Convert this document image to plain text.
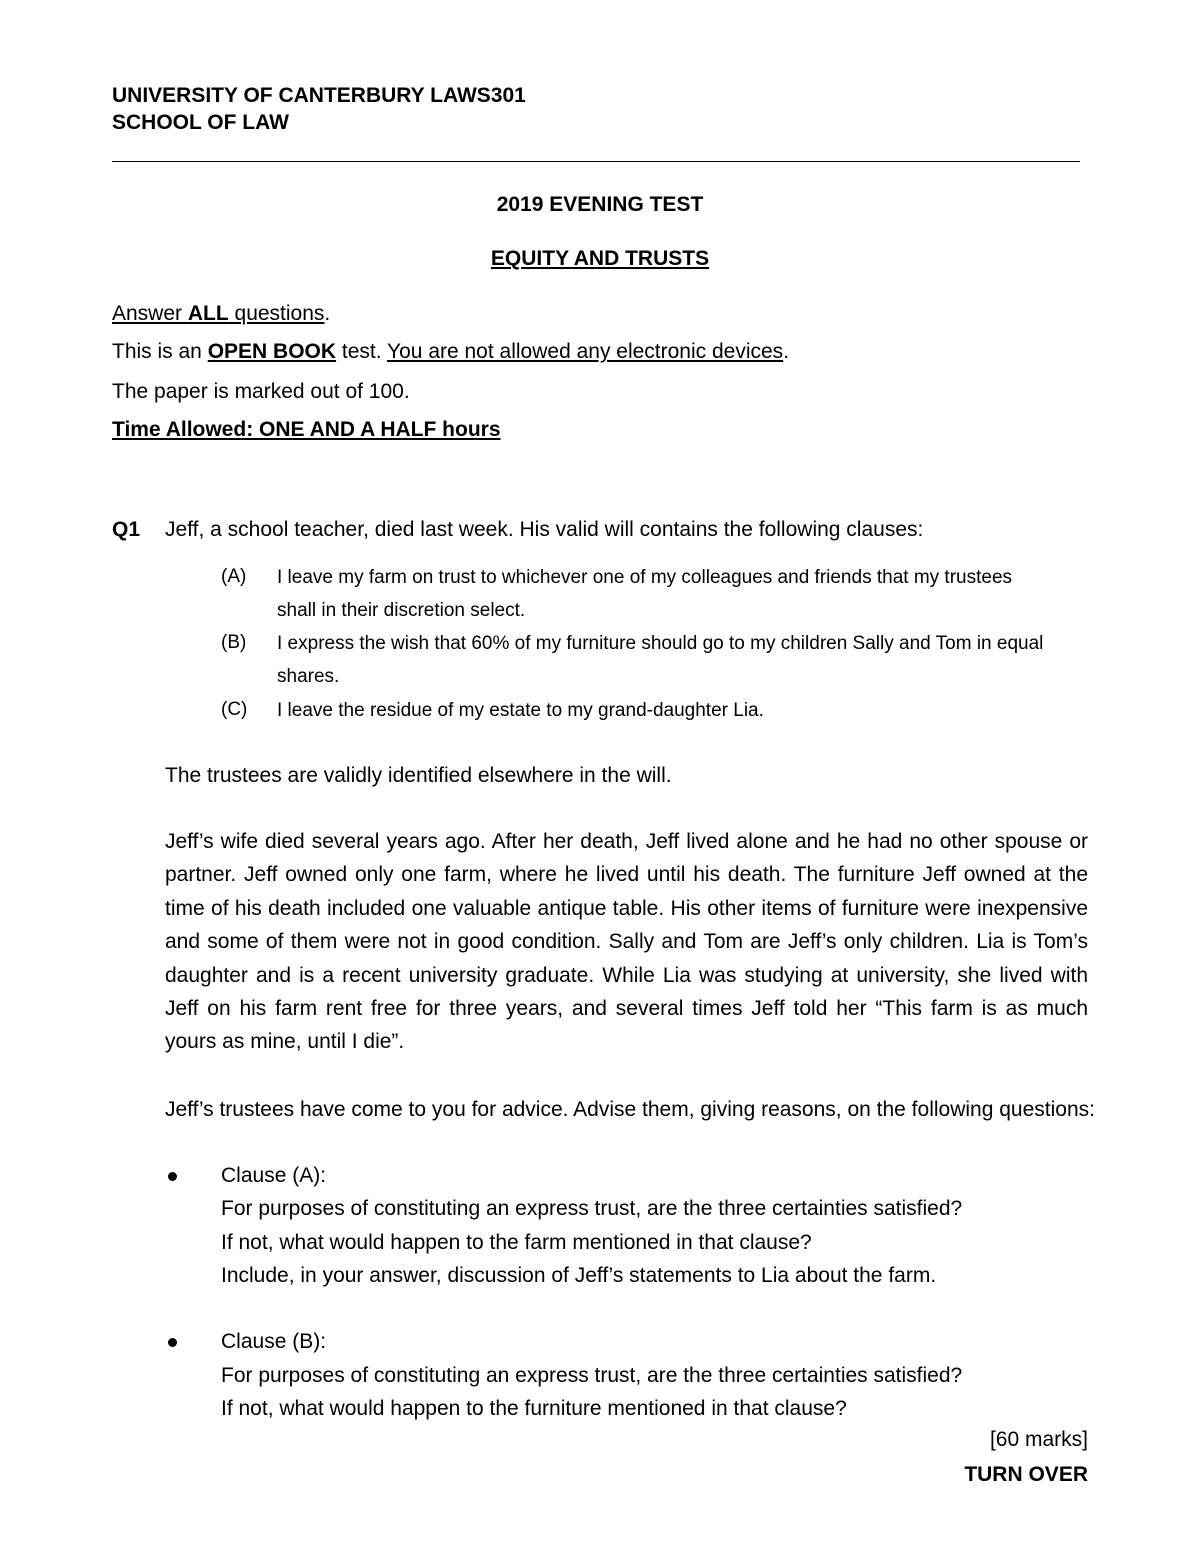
UNIVERSITY OF CANTERBURY LAWS301
SCHOOL OF LAW
2019 EVENING TEST
EQUITY AND TRUSTS
Answer ALL questions.
This is an OPEN BOOK test. You are not allowed any electronic devices.
The paper is marked out of 100.
Time Allowed: ONE AND A HALF hours
Q1 Jeff, a school teacher, died last week. His valid will contains the following clauses:
(A) I leave my farm on trust to whichever one of my colleagues and friends that my trustees shall in their discretion select.
(B) I express the wish that 60% of my furniture should go to my children Sally and Tom in equal shares.
(C) I leave the residue of my estate to my grand-daughter Lia.
The trustees are validly identified elsewhere in the will.
Jeff’s wife died several years ago. After her death, Jeff lived alone and he had no other spouse or partner. Jeff owned only one farm, where he lived until his death. The furniture Jeff owned at the time of his death included one valuable antique table. His other items of furniture were inexpensive and some of them were not in good condition. Sally and Tom are Jeff’s only children. Lia is Tom’s daughter and is a recent university graduate. While Lia was studying at university, she lived with Jeff on his farm rent free for three years, and several times Jeff told her “This farm is as much yours as mine, until I die”.
Jeff’s trustees have come to you for advice. Advise them, giving reasons, on the following questions:
Clause (A):
For purposes of constituting an express trust, are the three certainties satisfied?
If not, what would happen to the farm mentioned in that clause?
Include, in your answer, discussion of Jeff’s statements to Lia about the farm.
Clause (B):
For purposes of constituting an express trust, are the three certainties satisfied?
If not, what would happen to the furniture mentioned in that clause?
[60 marks]
TURN OVER
